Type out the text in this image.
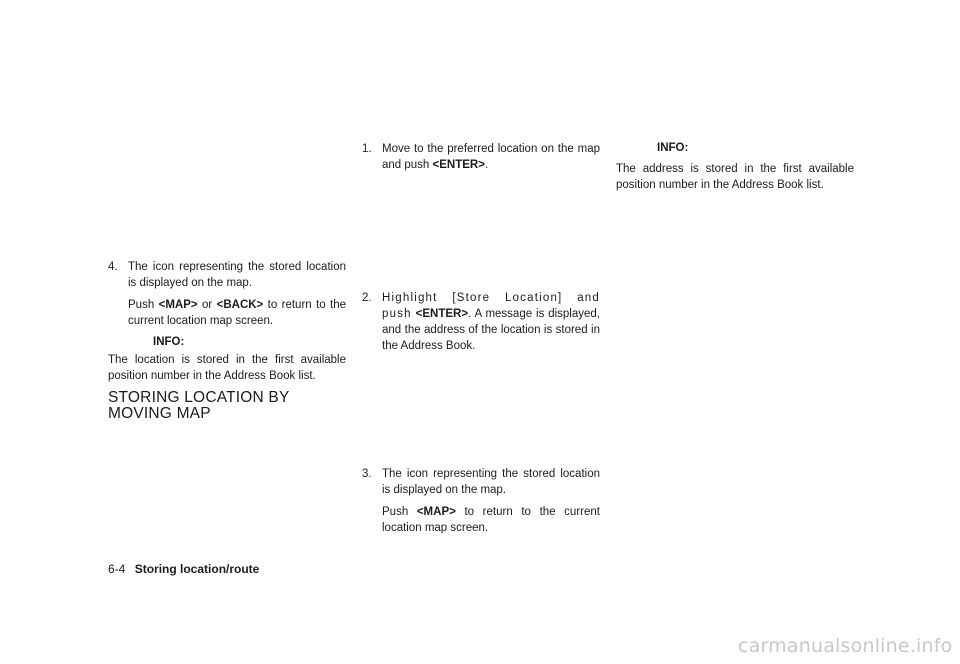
4. The icon representing the stored location is displayed on the map.

Push <MAP> or <BACK> to return to the current location map screen.

INFO:

The location is stored in the first available position number in the Address Book list.

STORING LOCATION BY MOVING MAP
1. Move to the preferred location on the map and push <ENTER>.

2. Highlight [Store Location] and push <ENTER>. A message is displayed, and the address of the location is stored in the Address Book.

3. The icon representing the stored location is displayed on the map.

Push <MAP> to return to the current location map screen.

INFO:

The address is stored in the first available position number in the Address Book list.

6-4 Storing location/route
carmanualsonline.info
